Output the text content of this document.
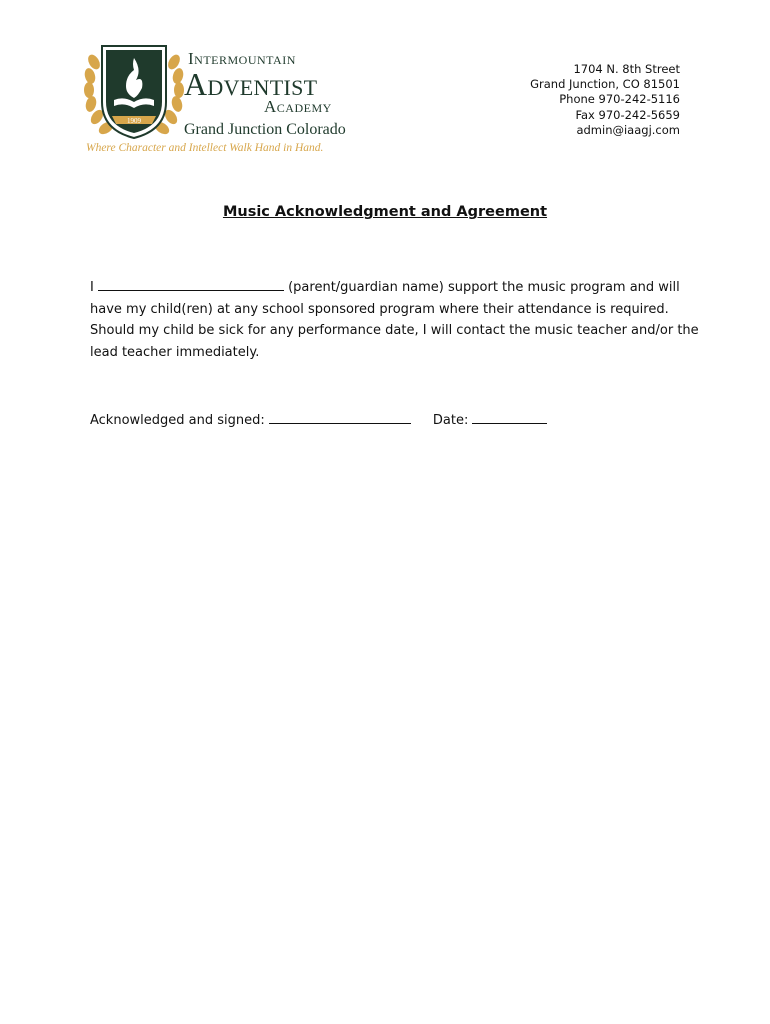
1909
Intermountain
Adventist
Academy
Grand Junction Colorado
Where Character and Intellect Walk Hand in Hand.
1704 N. 8th Street
Grand Junction, CO 81501
Phone 970-242-5116
Fax 970-242-5659
admin@iaagj.com
Music Acknowledgment and Agreement
I	(parent/guardian name) support the music program and will
have my child(ren) at any school sponsored program where their attendance is required.
Should my child be sick for any performance date, I will contact the music teacher and/or the
lead teacher immediately.
Acknowledged and signed:	Date:
